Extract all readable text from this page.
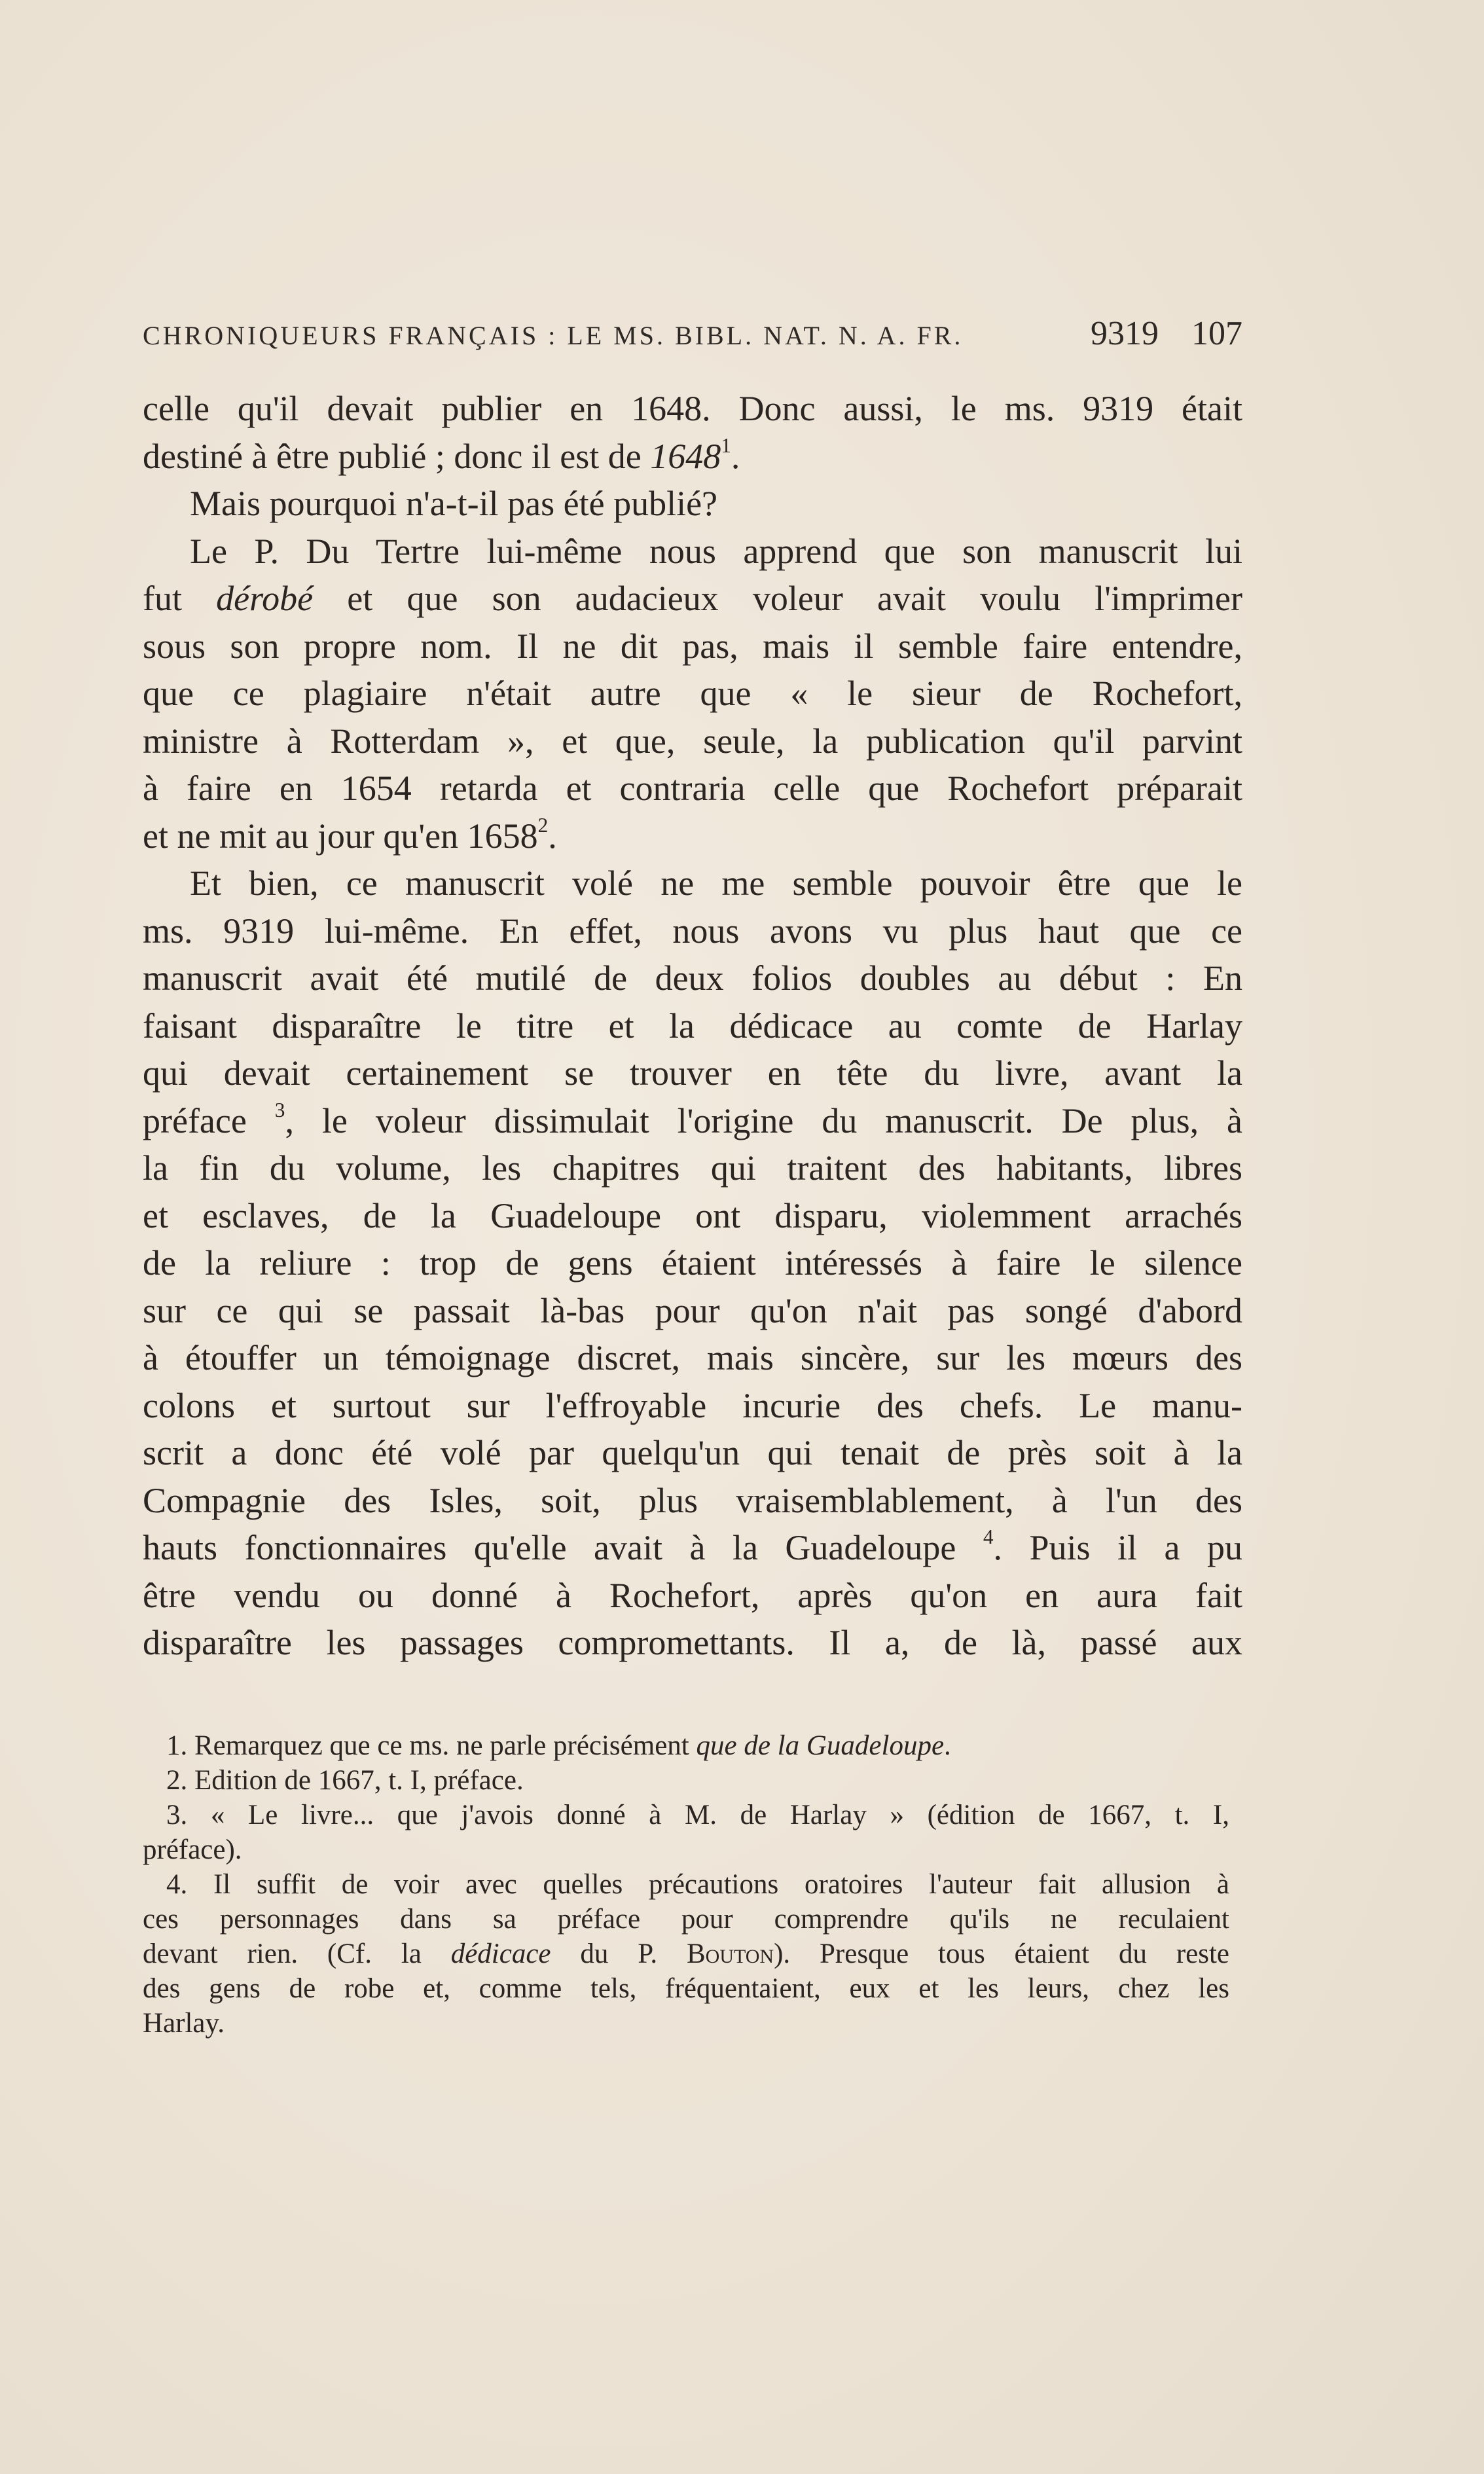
CHRONIQUEURS FRANÇAIS : LE MS. BIBL. NAT. N. A. FR.	9319 107
celle qu'il devait publier en 1648. Donc aussi, le ms. 9319 était
destiné à être publié ; donc il est de 1648$^1$.
Mais pourquoi n'a-t-il pas été publié?
Le P. Du Tertre lui-même nous apprend que son manuscrit lui
fut dérobé et que son audacieux voleur avait voulu l'imprimer
sous son propre nom. Il ne dit pas, mais il semble faire entendre,
que ce plagiaire n'était autre que « le sieur de Rochefort,
ministre à Rotterdam », et que, seule, la publication qu'il parvint
à faire en 1654 retarda et contraria celle que Rochefort préparait
et ne mit au jour qu'en 1658$^2$.
Et bien, ce manuscrit volé ne me semble pouvoir être que le
ms. 9319 lui-même. En effet, nous avons vu plus haut que ce
manuscrit avait été mutilé de deux folios doubles au début : En
faisant disparaître le titre et la dédicace au comte de Harlay
qui devait certainement se trouver en tête du livre, avant la
préface $^3$, le voleur dissimulait l'origine du manuscrit. De plus, à
la fin du volume, les chapitres qui traitent des habitants, libres
et esclaves, de la Guadeloupe ont disparu, violemment arrachés
de la reliure : trop de gens étaient intéressés à faire le silence
sur ce qui se passait là-bas pour qu'on n'ait pas songé d'abord
à étouffer un témoignage discret, mais sincère, sur les mœurs des
colons et surtout sur l'effroyable incurie des chefs. Le manu-
scrit a donc été volé par quelqu'un qui tenait de près soit à la
Compagnie des Isles, soit, plus vraisemblablement, à l'un des
hauts fonctionnaires qu'elle avait à la Guadeloupe $^4$. Puis il a pu
être vendu ou donné à Rochefort, après qu'on en aura fait
disparaître les passages compromettants. Il a, de là, passé aux
1. Remarquez que ce ms. ne parle précisément que de la Guadeloupe.
2. Edition de 1667, t. I, préface.
3. « Le livre... que j'avois donné à M. de Harlay » (édition de 1667, t. I,
préface).
4. Il suffit de voir avec quelles précautions oratoires l'auteur fait allusion à
ces personnages dans sa préface pour comprendre qu'ils ne reculaient
devant rien. (Cf. la dédicace du P. Bouton). Presque tous étaient du reste
des gens de robe et, comme tels, fréquentaient, eux et les leurs, chez les
Harlay.
